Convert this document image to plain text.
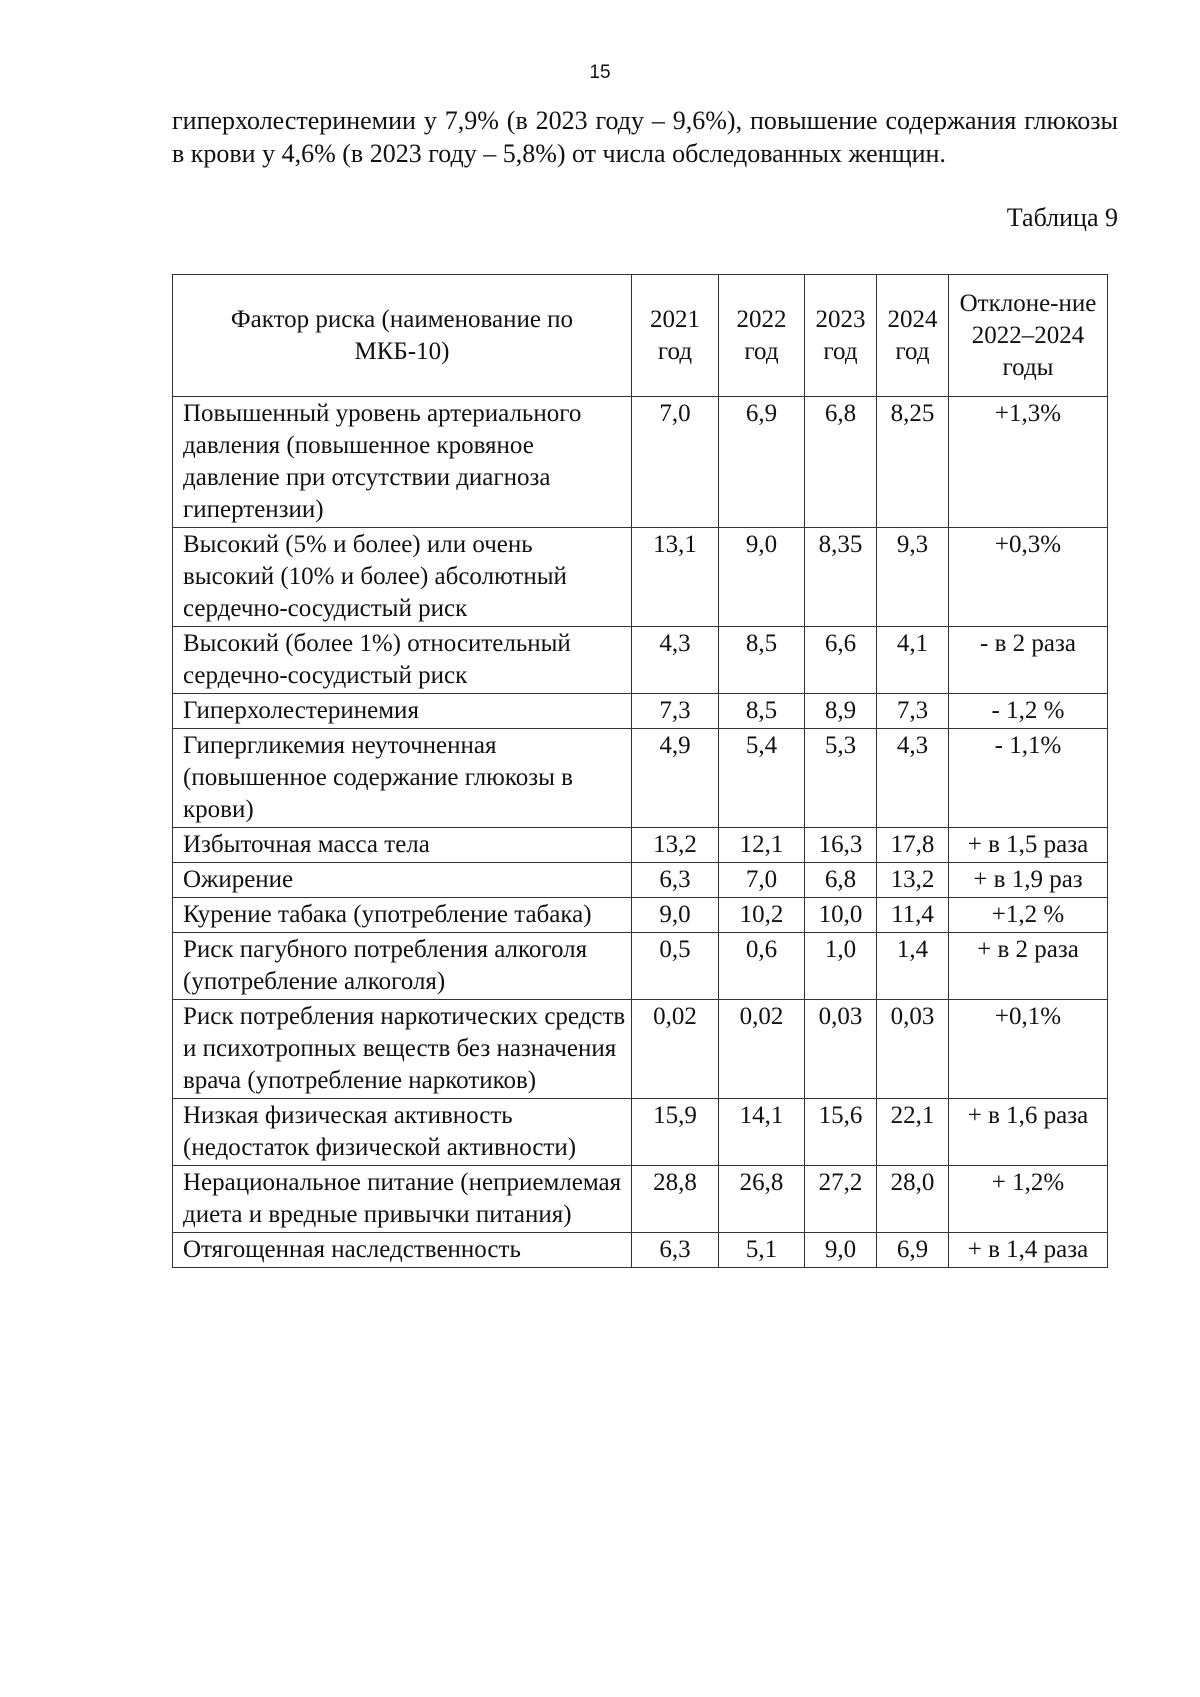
15

гиперхолестеринемии у 7,9% (в 2023 году – 9,6%), повышение содержания глюкозы в крови у 4,6% (в 2023 году – 5,8%) от числа обследованных женщин.

Таблица 9
Фактор риска (наименование по МКБ-10)	2021 год	2022 год	2023 год	2024 год	Отклоне-ние 2022–2024 годы
Повышенный уровень артериального давления (повышенное кровяное давление при отсутствии диагноза гипертензии)	7,0	6,9	6,8	8,25	+1,3%
Высокий (5% и более) или очень высокий (10% и более) абсолютный сердечно-сосудистый риск	13,1	9,0	8,35	9,3	+0,3%
Высокий (более 1%) относительный сердечно-сосудистый риск	4,3	8,5	6,6	4,1	- в 2 раза
Гиперхолестеринемия	7,3	8,5	8,9	7,3	- 1,2 %
Гипергликемия неуточненная (повышенное содержание глюкозы в крови)	4,9	5,4	5,3	4,3	- 1,1%
Избыточная масса тела	13,2	12,1	16,3	17,8	+ в 1,5 раза
Ожирение	6,3	7,0	6,8	13,2	+ в 1,9 раз
Курение табака (употребление табака)	9,0	10,2	10,0	11,4	+1,2 %
Риск пагубного потребления алкоголя (употребление алкоголя)	0,5	0,6	1,0	1,4	+ в 2 раза
Риск потребления наркотических средств и психотропных веществ без назначения врача (употребление наркотиков)	0,02	0,02	0,03	0,03	+0,1%
Низкая физическая активность (недостаток физической активности)	15,9	14,1	15,6	22,1	+ в 1,6 раза
Нерациональное питание (неприемлемая диета и вредные привычки питания)	28,8	26,8	27,2	28,0	+ 1,2%
Отягощенная наследственность	6,3	5,1	9,0	6,9	+ в 1,4 раза
